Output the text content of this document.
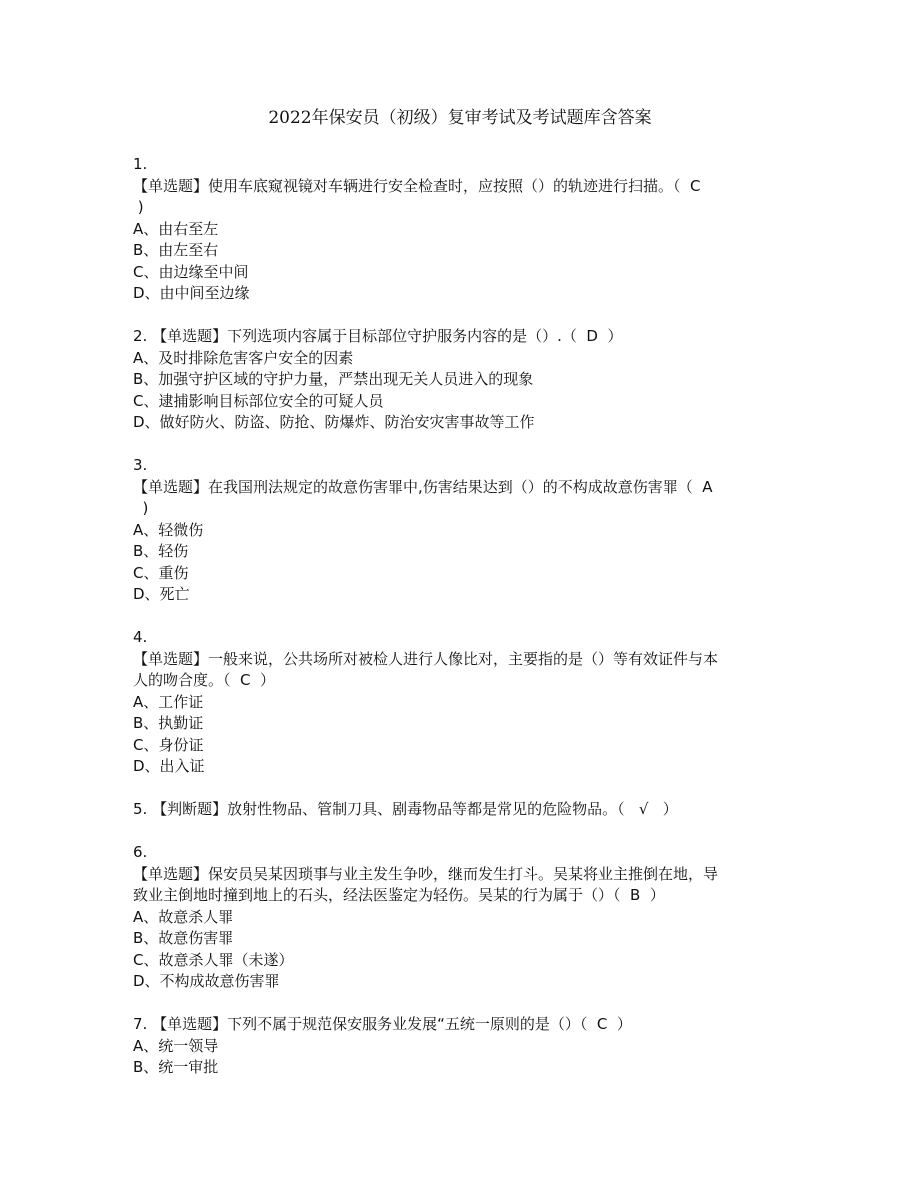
2022年保安员（初级）复审考试及考试题库含答案
1.
【单选题】使用车底窥视镜对车辆进行安全检查时，应按照（）的轨迹进行扫描。（  C
)
A、由右至左
B、由左至右
C、由边缘至中间
D、由中间至边缘
2. 【单选题】下列选项内容属于目标部位守护服务内容的是（）.（  D  ）
A、及时排除危害客户安全的因素
B、加强守护区域的守护力量，严禁出现无关人员进入的现象
C、逮捕影响目标部位安全的可疑人员
D、做好防火、防盗、防抢、防爆炸、防治安灾害事故等工作
3.
【单选题】在我国刑法规定的故意伤害罪中,伤害结果达到（）的不构成故意伤害罪（  A
)
A、轻微伤
B、轻伤
C、重伤
D、死亡
4.
【单选题】一般来说，公共场所对被检人进行人像比对，主要指的是（）等有效证件与本
人的吻合度。（  C  ）
A、工作证
B、执勤证
C、身份证
D、出入证
5. 【判断题】放射性物品、管制刀具、剧毒物品等都是常见的危险物品。（   √   ）
6.
【单选题】保安员吴某因琐事与业主发生争吵，继而发生打斗。吴某将业主推倒在地，导
致业主倒地时撞到地上的石头，经法医鉴定为轻伤。吴某的行为属于（）（  B  ）
A、故意杀人罪
B、故意伤害罪
C、故意杀人罪（未遂）
D、不构成故意伤害罪
7. 【单选题】下列不属于规范保安服务业发展“五统一原则的是（）（  C  ）
A、统一领导
B、统一审批
